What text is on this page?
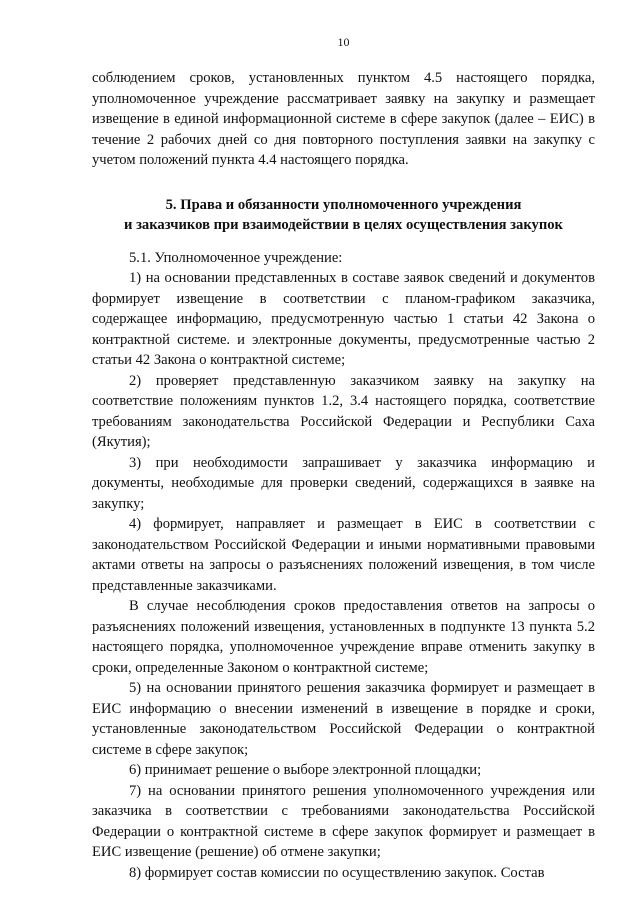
10

соблюдением сроков, установленных пунктом 4.5 настоящего порядка, уполномоченное учреждение рассматривает заявку на закупку и размещает извещение в единой информационной системе в сфере закупок (далее – ЕИС) в течение 2 рабочих дней со дня повторного поступления заявки на закупку с учетом положений пункта 4.4 настоящего порядка.

5. Права и обязанности уполномоченного учреждения
и заказчиков при взаимодействии в целях осуществления закупок

5.1. Уполномоченное учреждение:

1) на основании представленных в составе заявок сведений и документов формирует извещение в соответствии с планом-графиком заказчика, содержащее информацию, предусмотренную частью 1 статьи 42 Закона о контрактной системе. и электронные документы, предусмотренные частью 2 статьи 42 Закона о контрактной системе;

2) проверяет представленную заказчиком заявку на закупку на соответствие положениям пунктов 1.2, 3.4 настоящего порядка, соответствие требованиям законодательства Российской Федерации и Республики Саха (Якутия);

3) при необходимости запрашивает у заказчика информацию и документы, необходимые для проверки сведений, содержащихся в заявке на закупку;

4) формирует, направляет и размещает в ЕИС в соответствии с законодательством Российской Федерации и иными нормативными правовыми актами ответы на запросы о разъяснениях положений извещения, в том числе представленные заказчиками.

В случае несоблюдения сроков предоставления ответов на запросы о разъяснениях положений извещения, установленных в подпункте 13 пункта 5.2 настоящего порядка, уполномоченное учреждение вправе отменить закупку в сроки, определенные Законом о контрактной системе;

5) на основании принятого решения заказчика формирует и размещает в ЕИС информацию о внесении изменений в извещение в порядке и сроки, установленные законодательством Российской Федерации о контрактной системе в сфере закупок;

6) принимает решение о выборе электронной площадки;

7) на основании принятого решения уполномоченного учреждения или заказчика в соответствии с требованиями законодательства Российской Федерации о контрактной системе в сфере закупок формирует и размещает в ЕИС извещение (решение) об отмене закупки;

8) формирует состав комиссии по осуществлению закупок. Состав
